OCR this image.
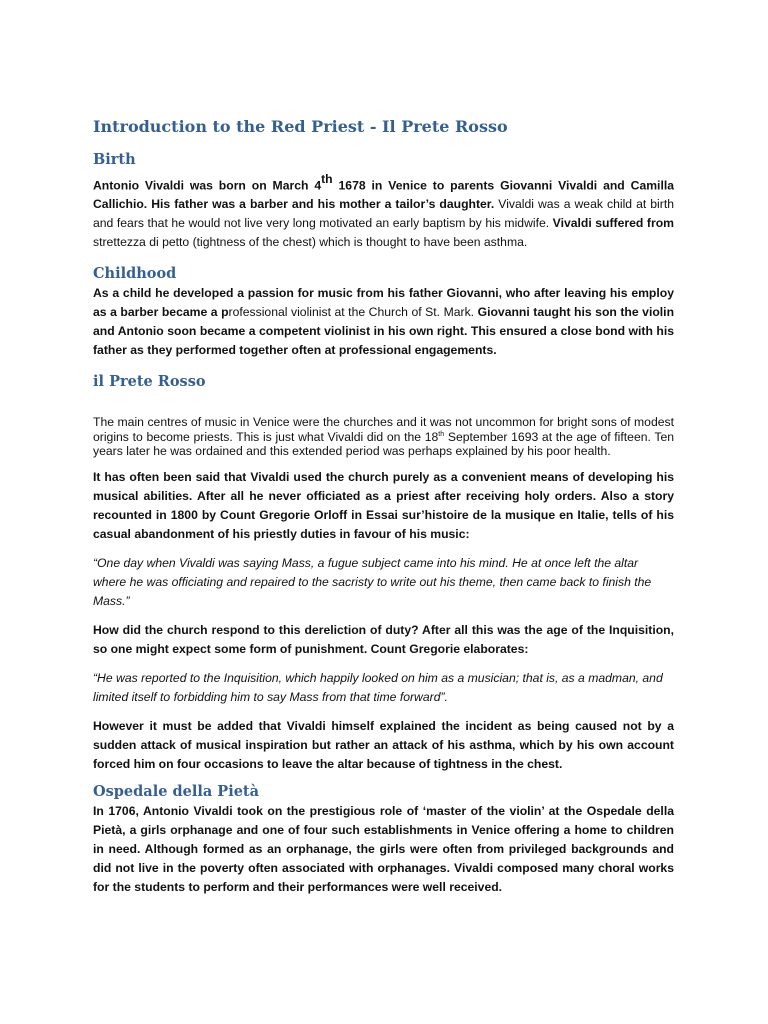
Introduction to the Red Priest - Il Prete Rosso
Birth

Antonio Vivaldi was born on March 4th 1678 in Venice to parents Giovanni Vivaldi and Camilla Callichio. His father was a barber and his mother a tailor’s daughter. Vivaldi was a weak child at birth and fears that he would not live very long motivated an early baptism by his midwife. Vivaldi suffered from strettezza di petto (tightness of the chest) which is thought to have been asthma.

Childhood

As a child he developed a passion for music from his father Giovanni, who after leaving his employ as a barber became a professional violinist at the Church of St. Mark. Giovanni taught his son the violin and Antonio soon became a competent violinist in his own right. This ensured a close bond with his father as they performed together often at professional engagements.

il Prete Rosso

The main centres of music in Venice were the churches and it was not uncommon for bright sons of modest origins to become priests. This is just what Vivaldi did on the 18th September 1693 at the age of fifteen. Ten years later he was ordained and this extended period was perhaps explained by his poor health.

It has often been said that Vivaldi used the church purely as a convenient means of developing his musical abilities. After all he never officiated as a priest after receiving holy orders. Also a story recounted in 1800 by Count Gregorie Orloff in Essai sur’histoire de la musique en Italie, tells of his casual abandonment of his priestly duties in favour of his music:

“One day when Vivaldi was saying Mass, a fugue subject came into his mind. He at once left the altar where he was officiating and repaired to the sacristy to write out his theme, then came back to finish the Mass.”

How did the church respond to this dereliction of duty? After all this was the age of the Inquisition, so one might expect some form of punishment. Count Gregorie elaborates:

“He was reported to the Inquisition, which happily looked on him as a musician; that is, as a madman, and limited itself to forbidding him to say Mass from that time forward”.

However it must be added that Vivaldi himself explained the incident as being caused not by a sudden attack of musical inspiration but rather an attack of his asthma, which by his own account forced him on four occasions to leave the altar because of tightness in the chest.

Ospedale della Pietà

In 1706, Antonio Vivaldi took on the prestigious role of ‘master of the violin’ at the Ospedale della Pietà, a girls orphanage and one of four such establishments in Venice offering a home to children in need. Although formed as an orphanage, the girls were often from privileged backgrounds and did not live in the poverty often associated with orphanages. Vivaldi composed many choral works for the students to perform and their performances were well received.
